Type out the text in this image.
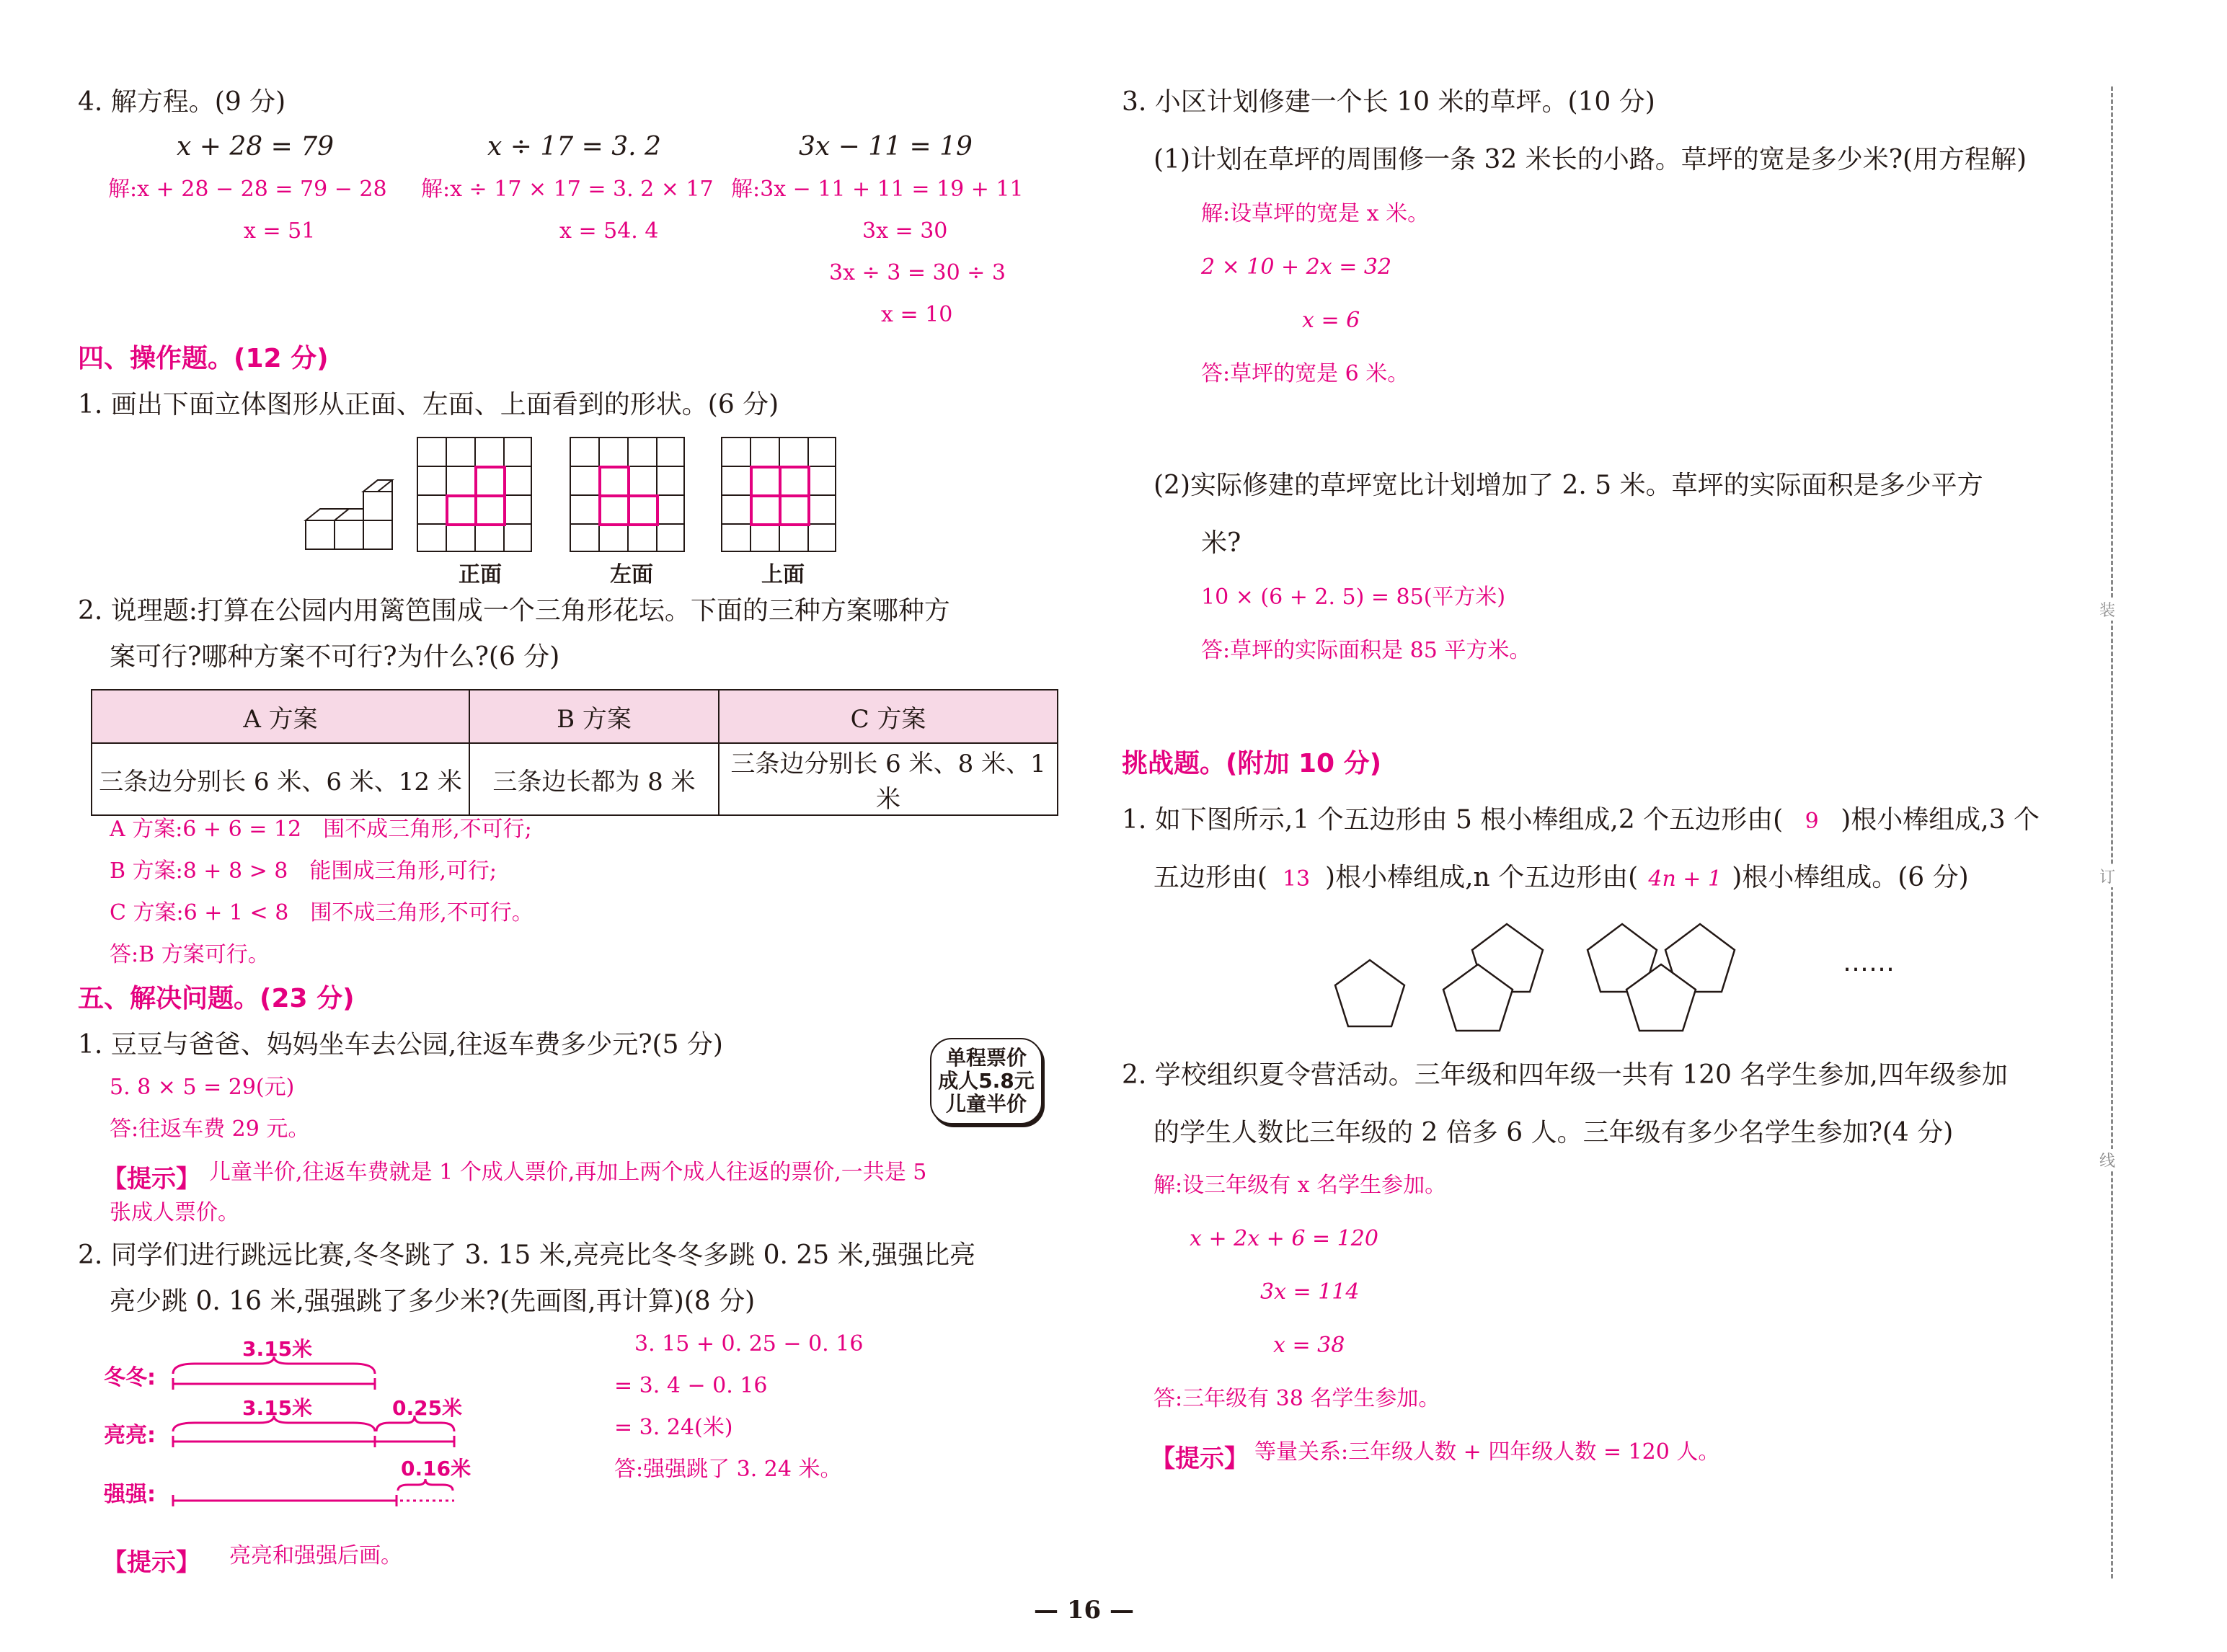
4. 解方程。(9 分)
x + 28 = 79	x ÷ 17 = 3. 2	3x − 11 = 19
解:x + 28 − 28 = 79 − 28
x = 51
解:x ÷ 17 × 17 = 3. 2 × 17
x = 54. 4
解:3x − 11 + 11 = 19 + 11
3x = 30
3x ÷ 3 = 30 ÷ 3
x = 10
四、操作题。(12 分)
1. 画出下面立体图形从正面、左面、上面看到的形状。(6 分)
正面	左面	上面
2. 说理题:打算在公园内用篱笆围成一个三角形花坛。下面的三种方案哪种方
案可行?哪种方案不可行?为什么?(6 分)
A 方案	B 方案	C 方案
三条边分别长 6 米、6 米、12 米	三条边长都为 8 米	三条边分别长 6 米、8 米、1 米
A 方案:6 + 6 = 12　围不成三角形,不可行;
B 方案:8 + 8 > 8　能围成三角形,可行;
C 方案:6 + 1 < 8　围不成三角形,不可行。
答:B 方案可行。
五、解决问题。(23 分)
1. 豆豆与爸爸、妈妈坐车去公园,往返车费多少元?(5 分)	单程票价
成人5.8元
儿童半价
5. 8 × 5 = 29(元)
答:往返车费 29 元。
【提示】 儿童半价,往返车费就是 1 个成人票价,再加上两个成人往返的票价,一共是 5
张成人票价。
2. 同学们进行跳远比赛,冬冬跳了 3. 15 米,亮亮比冬冬多跳 0. 25 米,强强比亮
亮少跳 0. 16 米,强强跳了多少米?(先画图,再计算)(8 分)
冬冬:
亮亮:
强强:
3.15米
3.15米	0.25米
0.16米
3. 15 + 0. 25 − 0. 16
= 3. 4 − 0. 16
= 3. 24(米)
答:强强跳了 3. 24 米。
【提示】 亮亮和强强后画。
3. 小区计划修建一个长 10 米的草坪。(10 分)
(1)计划在草坪的周围修一条 32 米长的小路。草坪的宽是多少米?(用方程解)
解:设草坪的宽是 x 米。
2 × 10 + 2x = 32
x = 6
答:草坪的宽是 6 米。
(2)实际修建的草坪宽比计划增加了 2. 5 米。草坪的实际面积是多少平方
米?
10 × (6 + 2. 5) = 85(平方米)
答:草坪的实际面积是 85 平方米。
挑战题。(附加 10 分)
1. 如下图所示,1 个五边形由 5 根小棒组成,2 个五边形由( 9 )根小棒组成,3 个
五边形由( 13 )根小棒组成,n 个五边形由( 4n + 1 )根小棒组成。(6 分)
……
2. 学校组织夏令营活动。三年级和四年级一共有 120 名学生参加,四年级参加
的学生人数比三年级的 2 倍多 6 人。三年级有多少名学生参加?(4 分)
解:设三年级有 x 名学生参加。
x + 2x + 6 = 120
3x = 114
x = 38
答:三年级有 38 名学生参加。
【提示】 等量关系:三年级人数 + 四年级人数 = 120 人。
装
订
线
— 16 —
